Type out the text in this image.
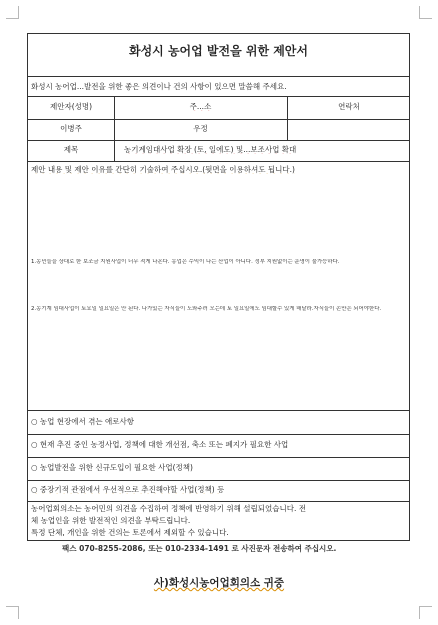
화성시 농어업 발전을 위한 제안서
화성시 농어업...발전을 위한 좋은 의견이나 건의 사항이 있으면 말씀해 주세요.
제안자(성명)	주...소	연락처
이병주	우정
제목	농기계임대사업 확장 (토, 일에도) 및...보조사업 확대
제안 내용 및 제안 이유를 간단히 기술하여 주십시오.(뒷면을 이용하셔도 됩니다.)
1.농민들을 상대로 한 보조금 지원사업이 너무 적게 나온다. 농업은 수익이 나는 산업이 아니다. 정부 지원없이는 운영이 불가능하다.
2.농기계 임대사업이 토요일 일요일은 안 된다. 나가있는 자식들이 도와주러 오는데 토 일요일에도 임대할수 있게 해달라.자식들이 손만은 되어야한다.
○ 농업 현장에서 겪는 애로사항
○ 현재 추진 중인 농정사업, 정책에 대한 개선점, 축소 또는 폐지가 필요한 사업
○ 농업발전을 위한 신규도입이 필요한 사업(정책)
○ 중장기적 관점에서 우선적으로 추진해야할 사업(정책) 등
농어업회의소는 농어민의 의견을 수집하여 정책에 반영하기 위해 설립되었습니다. 전
체 농업인을 위한 발전적인 의견을 부탁드립니다.
특정 단체, 개인을 위한 건의는 토론에서 제외할 수 있습니다.
팩스 070-8255-2086, 또는 010-2334-1491 로 사진문자 전송하여 주십시오.
사)화성시농어업회의소 귀중
